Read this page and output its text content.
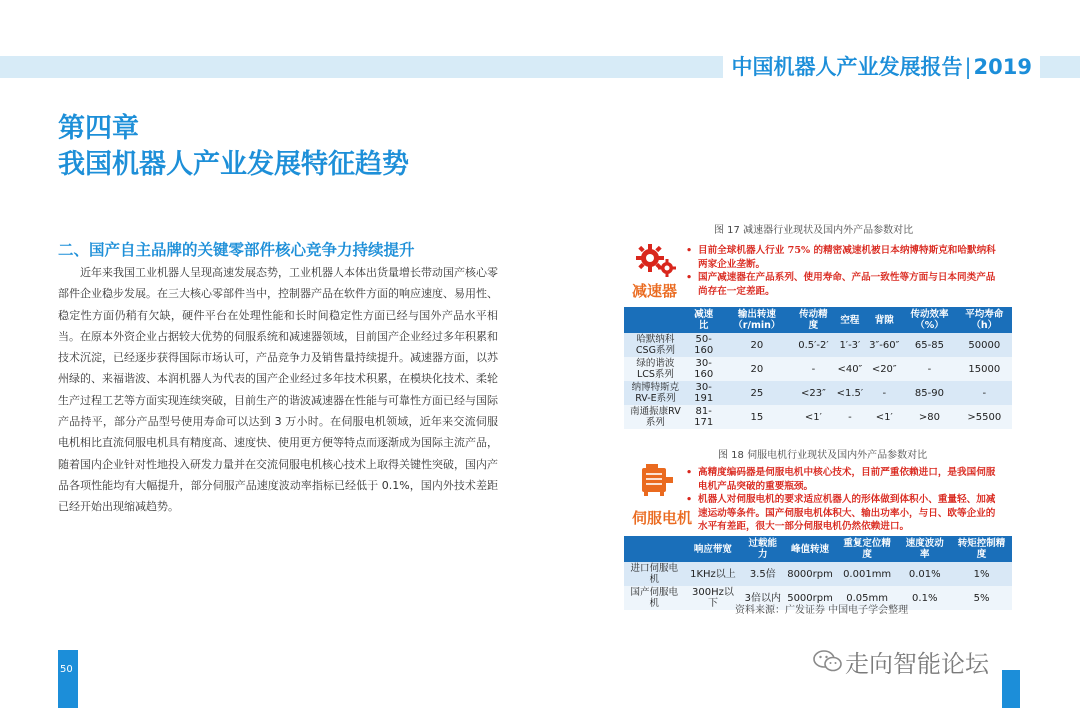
中国机器人产业发展报告|2019
第四章
我国机器人产业发展特征趋势
二、国产自主品牌的关键零部件核心竞争力持续提升

近年来我国工业机器人呈现高速发展态势，工业机器人本体出货量增长带动国产核心零部件企业稳步发展。在三大核心零部件当中，控制器产品在软件方面的响应速度、易用性、稳定性方面仍稍有欠缺，硬件平台在处理性能和长时间稳定性方面已经与国外产品水平相当。在原本外资企业占据较大优势的伺服系统和减速器领域，目前国产企业经过多年积累和技术沉淀，已经逐步获得国际市场认可，产品竞争力及销售量持续提升。减速器方面，以苏州绿的、来福谐波、本润机器人为代表的国产企业经过多年技术积累，在模块化技术、柔轮生产过程工艺等方面实现连续突破，目前生产的谐波减速器在性能与可靠性方面已经与国际产品持平，部分产品型号使用寿命可以达到 3 万小时。在伺服电机领域，近年来交流伺服电机相比直流伺服电机具有精度高、速度快、使用更方便等特点而逐渐成为国际主流产品，随着国内企业针对性地投入研发力量并在交流伺服电机核心技术上取得关键性突破，国内产品各项性能均有大幅提升，部分伺服产品速度波动率指标已经低于 0.1%，国内外技术差距已经开始出现缩减趋势。

图 17 减速器行业现状及国内外产品参数对比
减速器
• 目前全球机器人行业 75% 的精密减速机被日本纳博特斯克和哈默纳科两家企业垄断。
• 国产减速器在产品系列、使用寿命、产品一致性等方面与日本同类产品尚存在一定差距。
	减速比	输出转速（r/min）	传动精度	空程	背隙	传动效率（%）	平均寿命（h）
哈默纳科 CSG系列	50-160	20	0.5′-2′	1′-3′	3″-60″	65-85	50000
绿的谐波 LCS系列	30-160	20	-	<40″	<20″	-	15000
纳博特斯克 RV-E系列	30-191	25	<23″	<1.5′	-	85-90	-
南通振康RV 系列	81-171	15	<1′	-	<1′	>80	>5500
图 18 伺服电机行业现状及国内外产品参数对比
伺服电机
• 高精度编码器是伺服电机中核心技术，目前严重依赖进口，是我国伺服电机产品突破的重要瓶颈。
• 机器人对伺服电机的要求适应机器人的形体做到体积小、重量轻、加减速运动等条件。国产伺服电机体积大、输出功率小，与日、欧等企业的水平有差距，很大一部分伺服电机仍然依赖进口。
	响应带宽	过载能力	峰值转速	重复定位精度	速度波动率	转矩控制精度
进口伺服电机	1KHz以上	3.5倍	8000rpm	0.001mm	0.01%	1%
国产伺服电机	300Hz以下	3倍以内	5000rpm	0.05mm	0.1%	5%
资料来源：广发证券 中国电子学会整理
50	走向智能论坛
